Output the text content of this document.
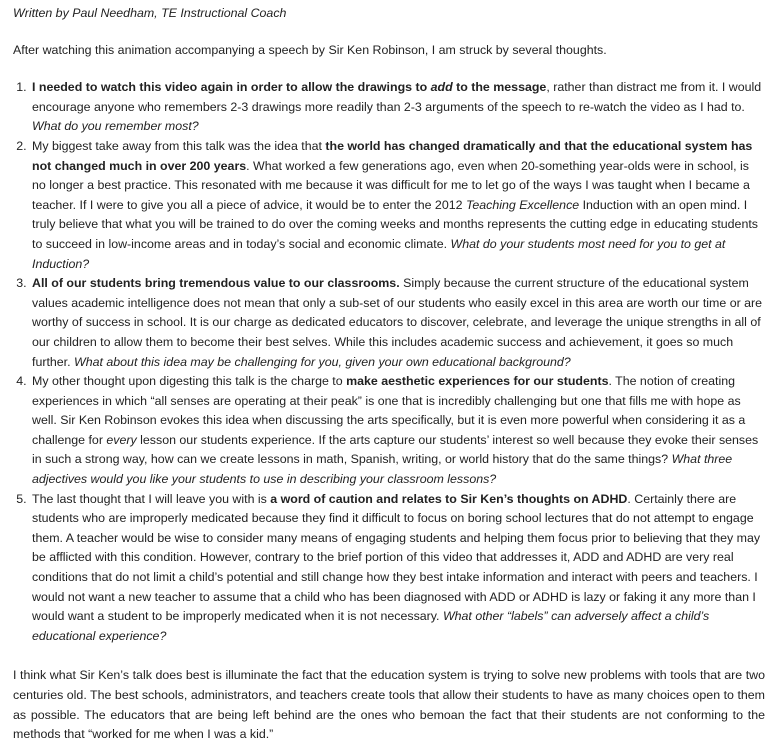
Written by Paul Needham, TE Instructional Coach

After watching this animation accompanying a speech by Sir Ken Robinson, I am struck by several thoughts.

1. I needed to watch this video again in order to allow the drawings to add to the message, rather than distract me from it. I would encourage anyone who remembers 2-3 drawings more readily than 2-3 arguments of the speech to re-watch the video as I had to. What do you remember most?
2. My biggest take away from this talk was the idea that the world has changed dramatically and that the educational system has not changed much in over 200 years. What worked a few generations ago, even when 20-something year-olds were in school, is no longer a best practice. This resonated with me because it was difficult for me to let go of the ways I was taught when I became a teacher. If I were to give you all a piece of advice, it would be to enter the 2012 Teaching Excellence Induction with an open mind. I truly believe that what you will be trained to do over the coming weeks and months represents the cutting edge in educating students to succeed in low-income areas and in today’s social and economic climate. What do your students most need for you to get at Induction?
3. All of our students bring tremendous value to our classrooms. Simply because the current structure of the educational system values academic intelligence does not mean that only a sub-set of our students who easily excel in this area are worth our time or are worthy of success in school. It is our charge as dedicated educators to discover, celebrate, and leverage the unique strengths in all of our children to allow them to become their best selves. While this includes academic success and achievement, it goes so much further. What about this idea may be challenging for you, given your own educational background?
4. My other thought upon digesting this talk is the charge to make aesthetic experiences for our students. The notion of creating experiences in which “all senses are operating at their peak” is one that is incredibly challenging but one that fills me with hope as well. Sir Ken Robinson evokes this idea when discussing the arts specifically, but it is even more powerful when considering it as a challenge for every lesson our students experience. If the arts capture our students’ interest so well because they evoke their senses in such a strong way, how can we create lessons in math, Spanish, writing, or world history that do the same things? What three adjectives would you like your students to use in describing your classroom lessons?
5. The last thought that I will leave you with is a word of caution and relates to Sir Ken’s thoughts on ADHD. Certainly there are students who are improperly medicated because they find it difficult to focus on boring school lectures that do not attempt to engage them. A teacher would be wise to consider many means of engaging students and helping them focus prior to believing that they may be afflicted with this condition. However, contrary to the brief portion of this video that addresses it, ADD and ADHD are very real conditions that do not limit a child’s potential and still change how they best intake information and interact with peers and teachers. I would not want a new teacher to assume that a child who has been diagnosed with ADD or ADHD is lazy or faking it any more than I would want a student to be improperly medicated when it is not necessary. What other “labels” can adversely affect a child’s educational experience?

I think what Sir Ken’s talk does best is illuminate the fact that the education system is trying to solve new problems with tools that are two centuries old. The best schools, administrators, and teachers create tools that allow their students to have as many choices open to them as possible. The educators that are being left behind are the ones who bemoan the fact that their students are not conforming to the methods that “worked for me when I was a kid.”
